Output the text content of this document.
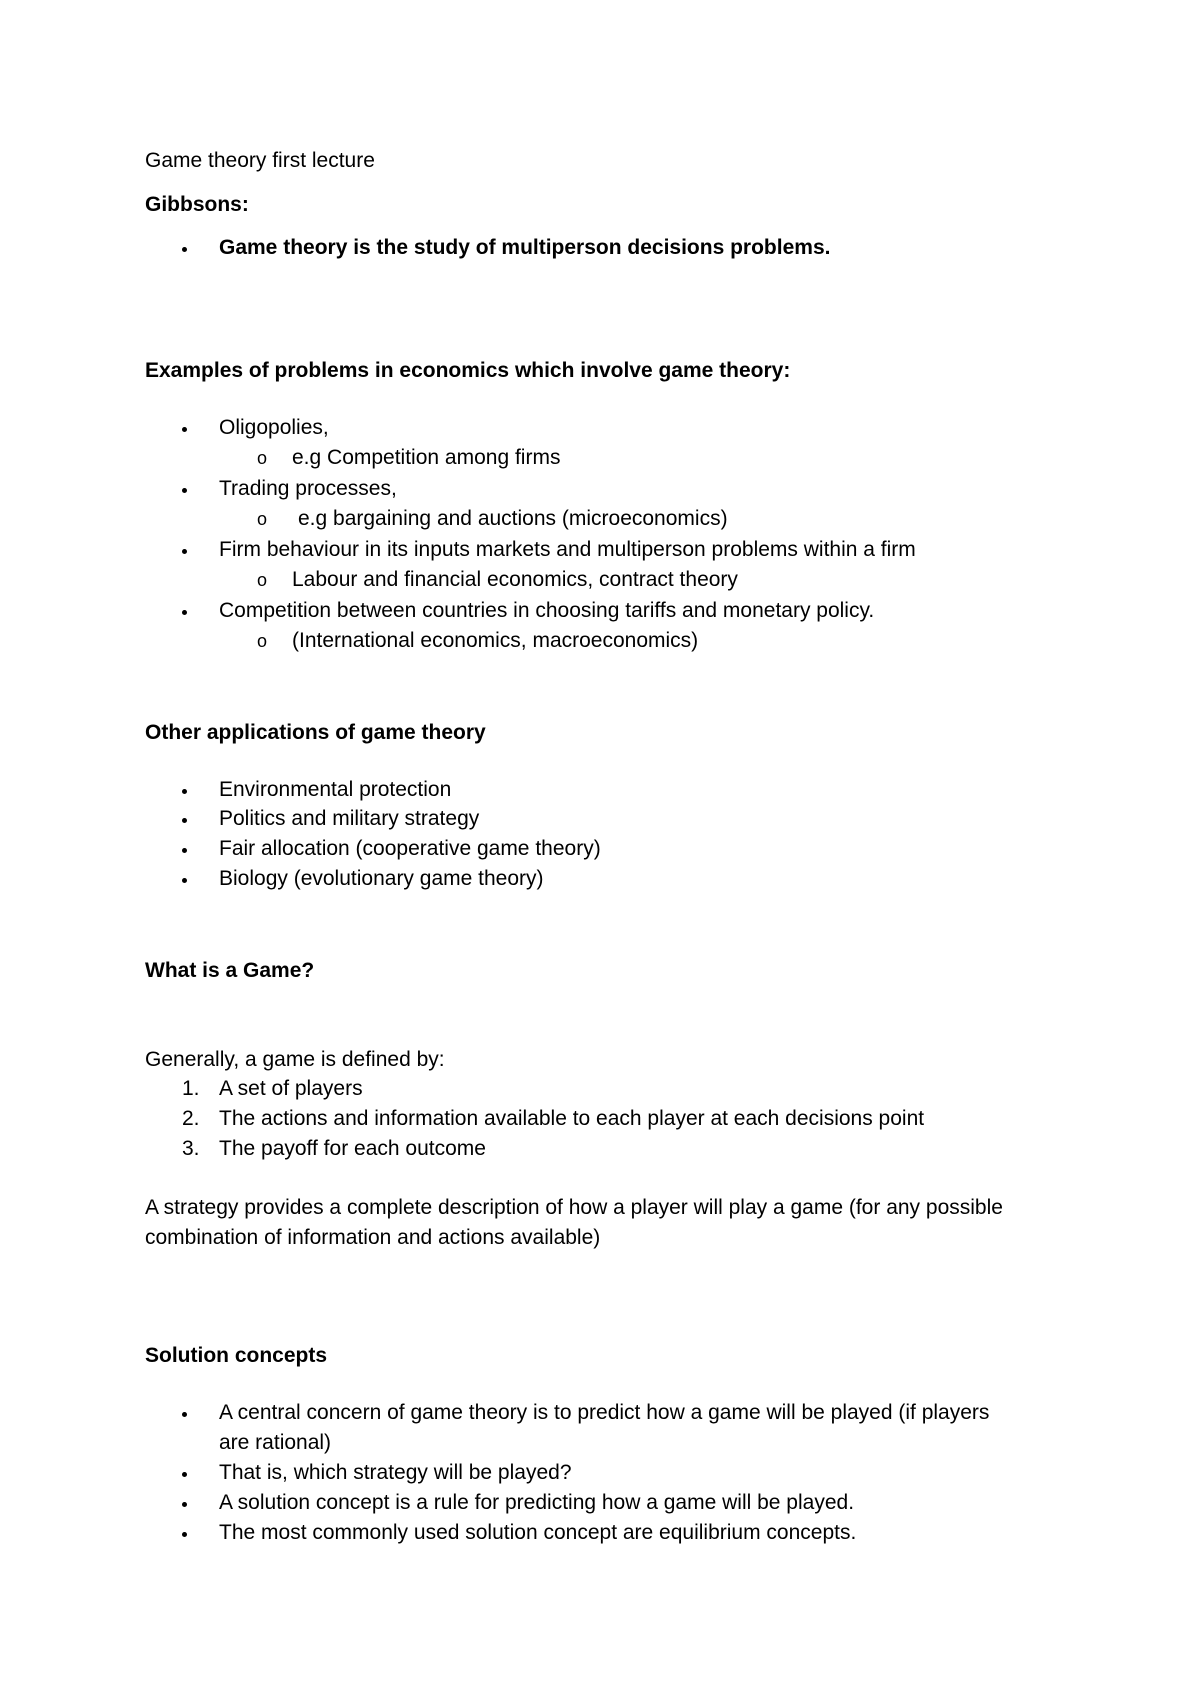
Game theory first lecture
Gibbsons:
Game theory is the study of multiperson decisions problems.
Examples of problems in economics which involve game theory:
Oligopolies,
o e.g Competition among firms
Trading processes,
o e.g bargaining and auctions (microeconomics)
Firm behaviour in its inputs markets and multiperson problems within a firm
o Labour and financial economics, contract theory
Competition between countries in choosing tariffs and monetary policy.
o (International economics, macroeconomics)
Other applications of game theory
Environmental protection
Politics and military strategy
Fair allocation (cooperative game theory)
Biology (evolutionary game theory)
What is a Game?
Generally, a game is defined by:
1. A set of players
2. The actions and information available to each player at each decisions point
3. The payoff for each outcome
A strategy provides a complete description of how a player will play a game (for any possible
combination of information and actions available)
Solution concepts
A central concern of game theory is to predict how a game will be played (if players
are rational)
That is, which strategy will be played?
A solution concept is a rule for predicting how a game will be played.
The most commonly used solution concept are equilibrium concepts.
